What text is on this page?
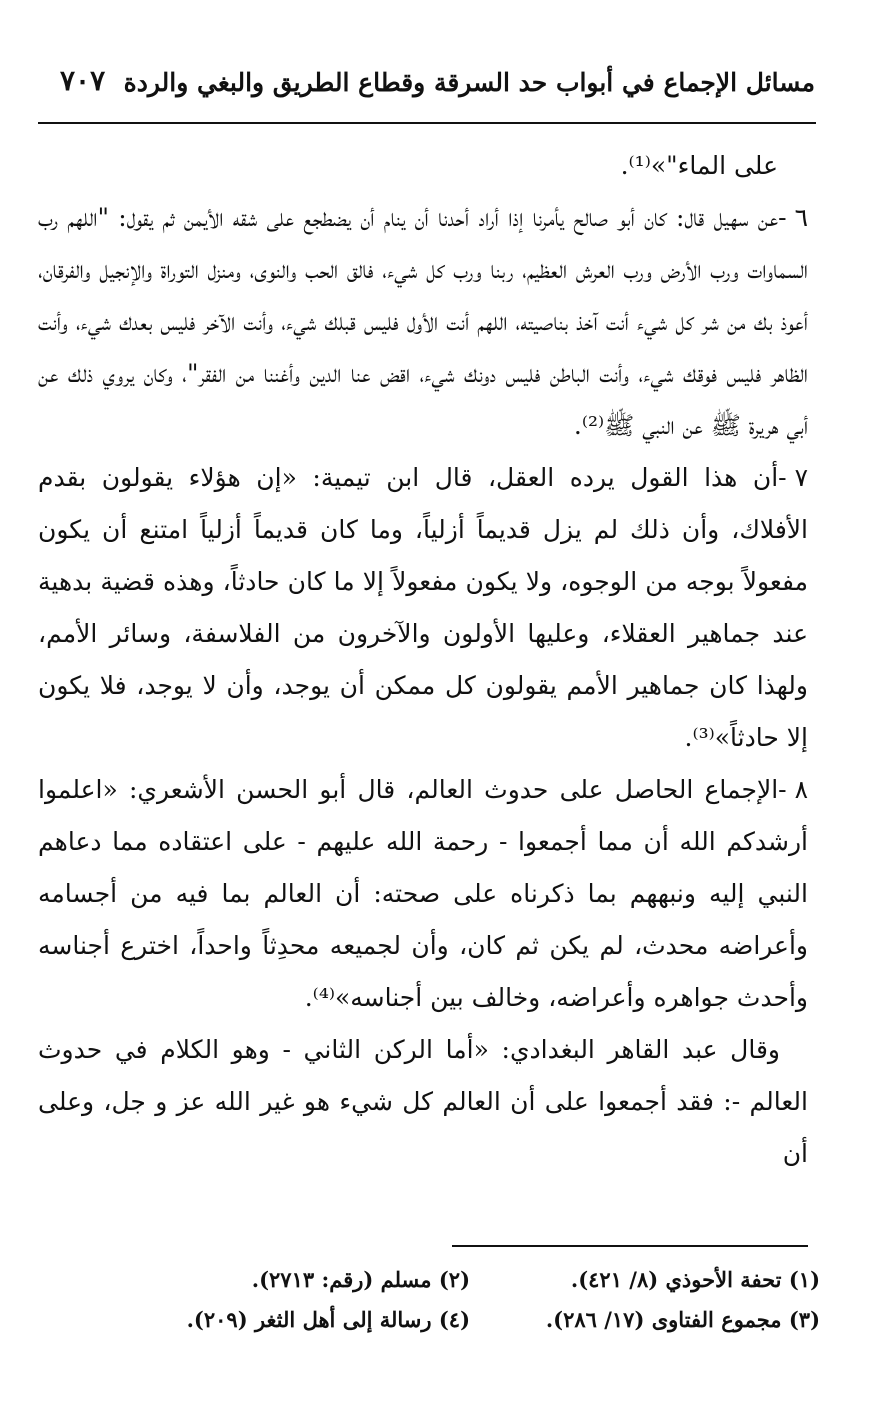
مسائل الإجماع في أبواب حد السرقة وقطاع الطريق والبغي والردة
٧٠٧

على الماء"»⁽¹⁾.

٦ -عن سهيل قال: كان أبو صالح يأمرنا إذا أراد أحدنا أن ينام أن يضطجع على شقه الأيمن ثم يقول: "اللهم رب السماوات ورب الأرض ورب العرش العظيم، ربنا ورب كل شيء، فالق الحب والنوى، ومنزل التوراة والإنجيل والفرقان، أعوذ بك من شر كل شيء أنت آخذ بناصيته، اللهم أنت الأول فليس قبلك شيء، وأنت الآخر فليس بعدك شيء، وأنت الظاهر فليس فوقك شيء، وأنت الباطن فليس دونك شيء، اقض عنا الدين وأغننا من الفقر"، وكان يروي ذلك عن أبي هريرة ﷺ عن النبي ﷺ⁽²⁾.

٧ -أن هذا القول يرده العقل، قال ابن تيمية: «إن هؤلاء يقولون بقدم الأفلاك، وأن ذلك لم يزل قديماً أزلياً، وما كان قديماً أزلياً امتنع أن يكون مفعولاً بوجه من الوجوه، ولا يكون مفعولاً إلا ما كان حادثاً، وهذه قضية بدهية عند جماهير العقلاء، وعليها الأولون والآخرون من الفلاسفة، وسائر الأمم، ولهذا كان جماهير الأمم يقولون كل ممكن أن يوجد، وأن لا يوجد، فلا يكون إلا حادثاً»⁽³⁾.

٨ -الإجماع الحاصل على حدوث العالم، قال أبو الحسن الأشعري: «اعلموا أرشدكم الله أن مما أجمعوا - رحمة الله عليهم - على اعتقاده مما دعاهم النبي إليه ونبههم بما ذكرناه على صحته: أن العالم بما فيه من أجسامه وأعراضه محدث، لم يكن ثم كان، وأن لجميعه محدِثاً واحداً، اخترع أجناسه وأحدث جواهره وأعراضه، وخالف بين أجناسه»⁽⁴⁾.

وقال عبد القاهر البغدادي: «أما الركن الثاني - وهو الكلام في حدوث العالم -: فقد أجمعوا على أن العالم كل شيء هو غير الله عز و جل، وعلى أن

(١) تحفة الأحوذي (٨/ ٤٢١).
(٢) مسلم (رقم: ٢٧١٣).
(٣) مجموع الفتاوى (١٧/ ٢٨٦).
(٤) رسالة إلى أهل الثغر (٢٠٩).
